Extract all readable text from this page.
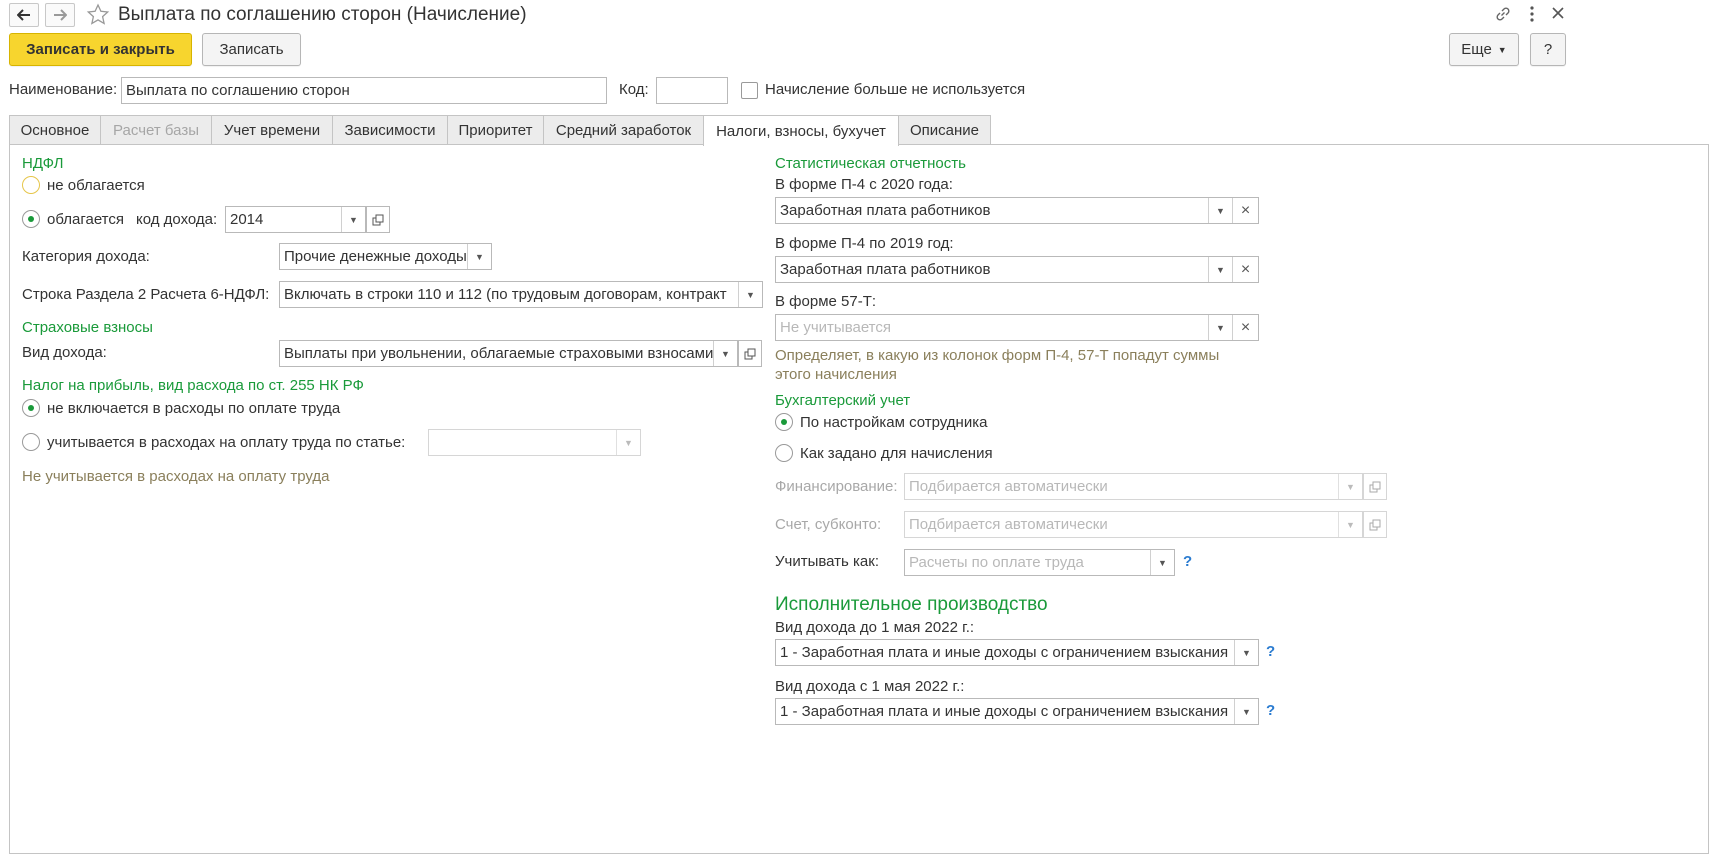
Выплата по соглашению сторон (Начисление)
Записать и закрыть	Записать	Еще ▼	?
Наименование: Выплата по соглашению сторон	Код:	Начисление больше не используется
Основное	Расчет базы	Учет времени	Зависимости	Приоритет	Средний заработок	Налоги, взносы, бухучет	Описание
НДФЛ
не облагается
облагается код дохода: 2014	▼
Категория дохода:	Прочие денежные доходы ▼
Строка Раздела 2 Расчета 6-НДФЛ: Включать в строки 110 и 112 (по трудовым договорам, контракт	▼
Страховые взносы
Вид дохода:	Выплаты при увольнении, облагаемые страховыми взносами ▼
Налог на прибыль, вид расхода по ст. 255 НК РФ
не включается в расходы по оплате труда
учитывается в расходах на оплату труда по статье:	▼
Не учитывается в расходах на оплату труда
Статистическая отчетность
В форме П-4 с 2020 года:
Заработная плата работников	▼ ×
В форме П-4 по 2019 год:
Заработная плата работников	▼ ×
В форме 57-Т:
Не учитывается	▼ ×
Определяет, в какую из колонок форм П-4, 57-Т попадут суммы этого начисления
Бухгалтерский учет
По настройкам сотрудника
Как задано для начисления
Финансирование: Подбирается автоматически	▼
Счет, субконто: Подбирается автоматически	▼
Учитывать как: Расчеты по оплате труда	▼	?
Исполнительное производство
Вид дохода до 1 мая 2022 г.:
1 - Заработная плата и иные доходы с ограничением взыскания	▼	?
Вид дохода с 1 мая 2022 г.:
1 - Заработная плата и иные доходы с ограничением взыскания	▼	?
